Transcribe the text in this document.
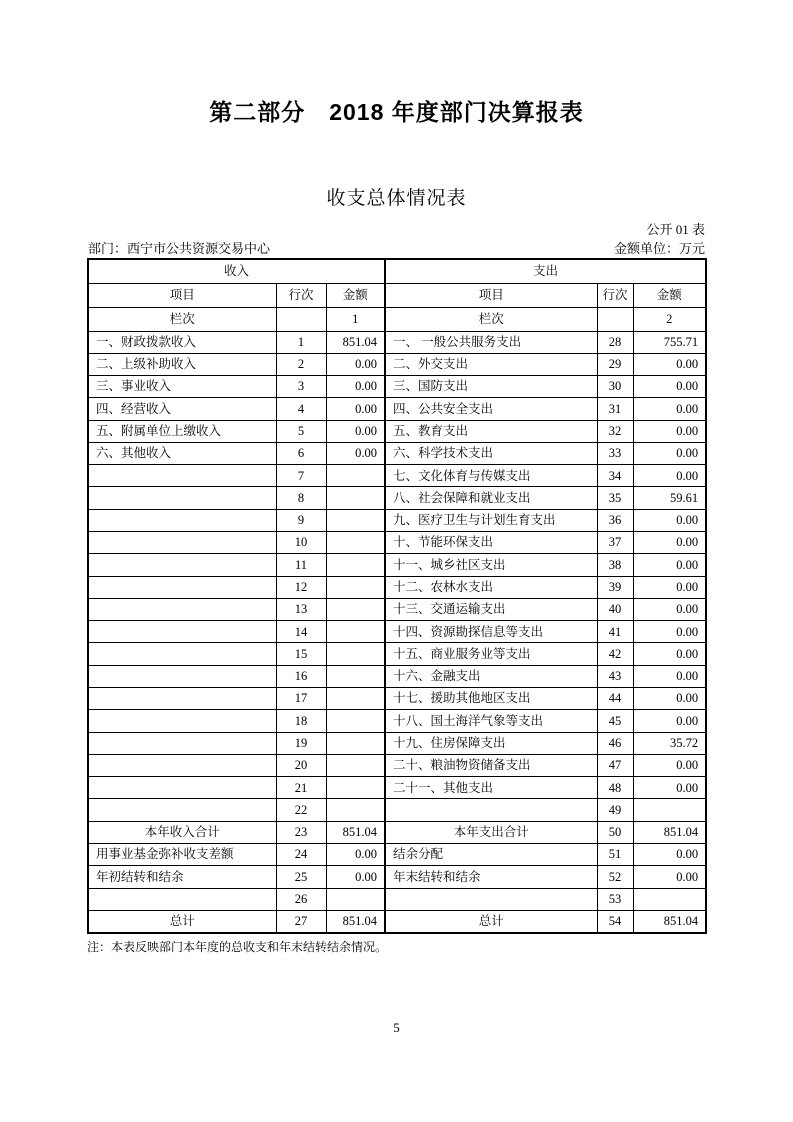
第二部分　2018 年度部门决算报表
收支总体情况表
公开 01 表
部门：西宁市公共资源交易中心	金额单位：万元
收入			支出		
项目	行次	金额	项目	行次	金额
栏次		1	栏次		2
一、财政拨款收入	1	851.04	一、 一般公共服务支出	28	755.71
二、上级补助收入	2	0.00	二、外交支出	29	0.00
三、事业收入	3	0.00	三、国防支出	30	0.00
四、经营收入	4	0.00	四、公共安全支出	31	0.00
五、附属单位上缴收入	5	0.00	五、教育支出	32	0.00
六、其他收入	6	0.00	六、科学技术支出	33	0.00
	7		七、文化体育与传媒支出	34	0.00
	8		八、社会保障和就业支出	35	59.61
	9		九、医疗卫生与计划生育支出	36	0.00
	10		十、节能环保支出	37	0.00
	11		十一、城乡社区支出	38	0.00
	12		十二、农林水支出	39	0.00
	13		十三、交通运输支出	40	0.00
	14		十四、资源勘探信息等支出	41	0.00
	15		十五、商业服务业等支出	42	0.00
	16		十六、金融支出	43	0.00
	17		十七、援助其他地区支出	44	0.00
	18		十八、国土海洋气象等支出	45	0.00
	19		十九、住房保障支出	46	35.72
	20		二十、粮油物资储备支出	47	0.00
	21		二十一、其他支出	48	0.00
	22			49	
本年收入合计	23	851.04	本年支出合计	50	851.04
用事业基金弥补收支差额	24	0.00	结余分配	51	0.00
年初结转和结余	25	0.00	年末结转和结余	52	0.00
	26			53	
总计	27	851.04	总计	54	851.04
注：本表反映部门本年度的总收支和年末结转结余情况。
5
